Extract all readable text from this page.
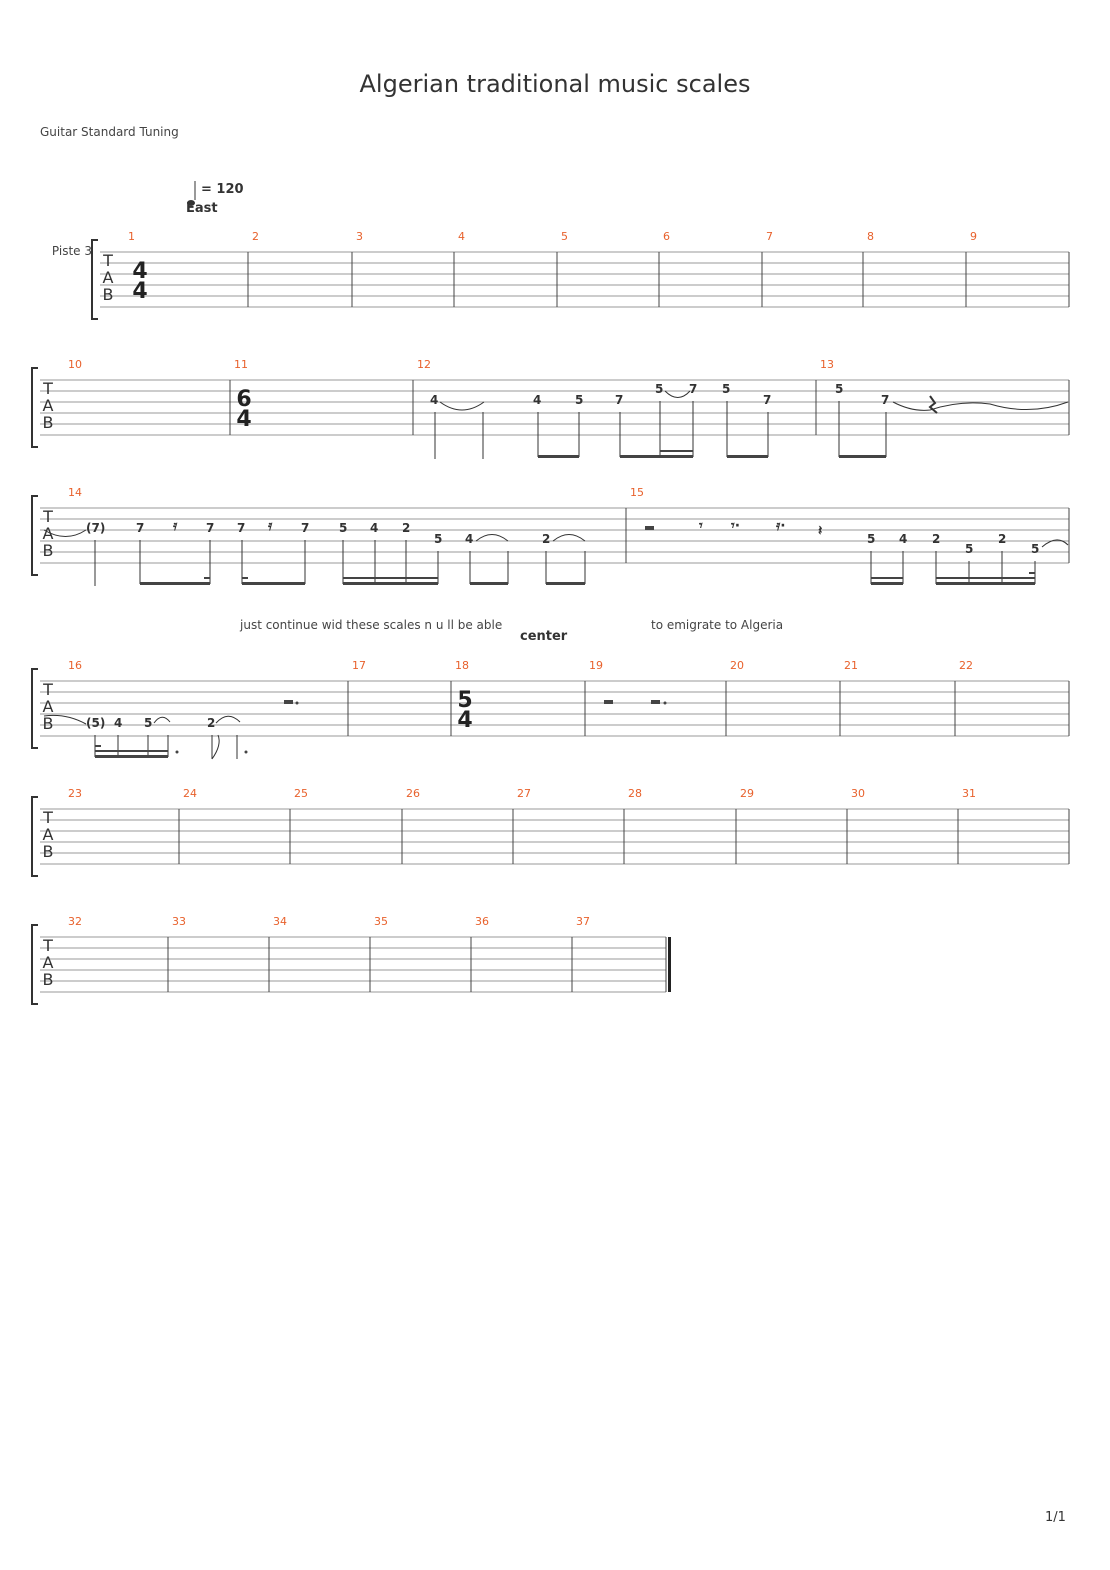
Algerian traditional music scales
Guitar Standard Tuning
= 120
East
Piste 3 T
A
B
1
4
4
2	3	4	5	6	7	8	9
T
A
B
10	11
6
4
12	13
T
A
B
14	15
T
A
B
16	17	18
5
4
19	20	21	22
T
A
B
23	24	25	26	27	28	29	30	31
T
A
B
32	33	34	35	36	37
just continue wid these scales n u ll be able	to emigrate to Algeria
center
4	4	5	7
5 7 5
7
5
7
(7)	7	7 7	7 5 4 2
5 4	2	5 4 2
5
2
5
𝄿	𝄿	𝄾 𝄾·	𝄿· 𝄽
(5) 4 5	2
1/1
